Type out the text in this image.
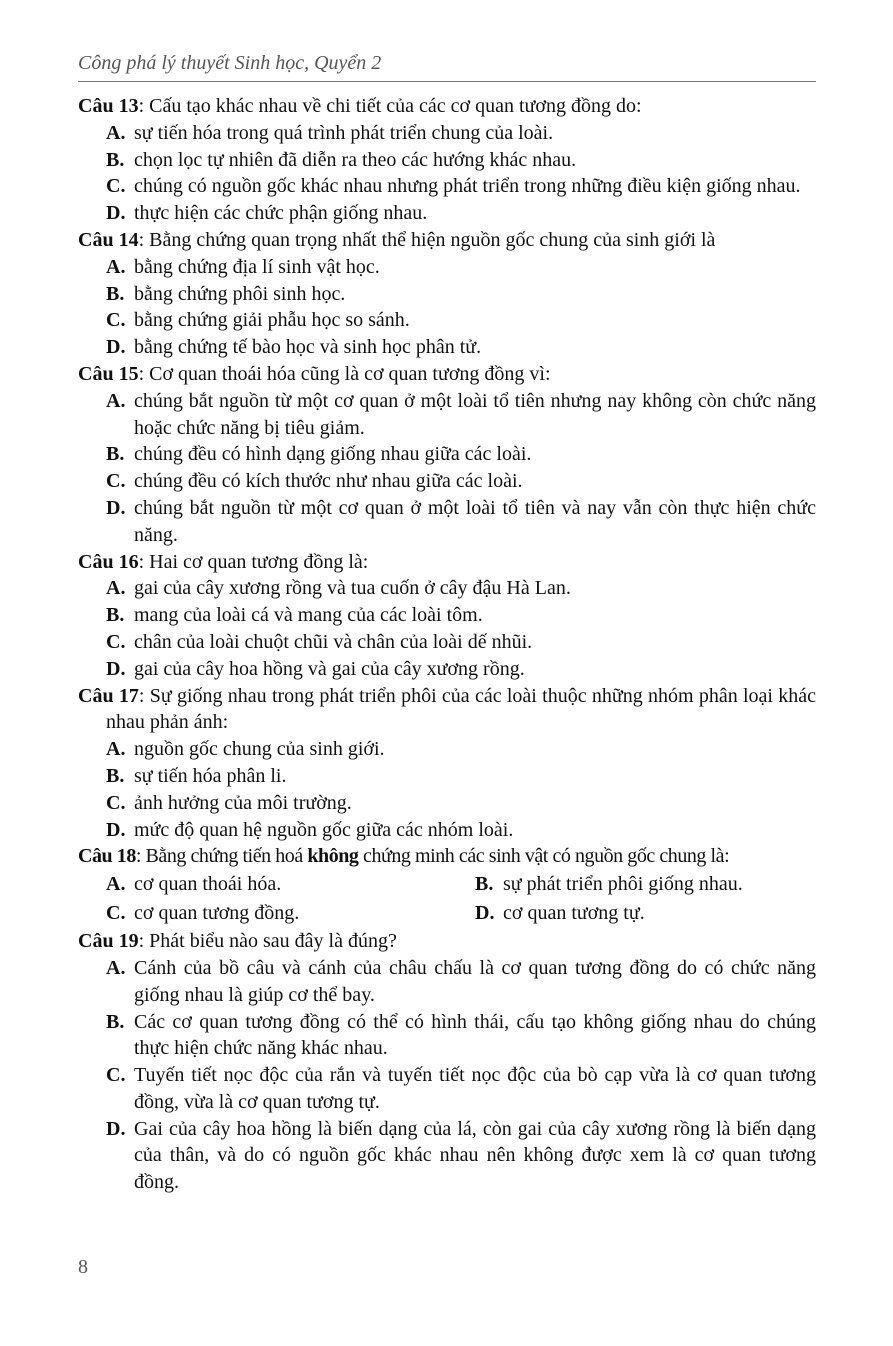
Công phá lý thuyết Sinh học, Quyển 2

Câu 13: Cấu tạo khác nhau về chi tiết của các cơ quan tương đồng do:

A. sự tiến hóa trong quá trình phát triển chung của loài.

B. chọn lọc tự nhiên đã diễn ra theo các hướng khác nhau.

C. chúng có nguồn gốc khác nhau nhưng phát triển trong những điều kiện giống nhau.

D. thực hiện các chức phận giống nhau.

Câu 14: Bằng chứng quan trọng nhất thể hiện nguồn gốc chung của sinh giới là

A. bằng chứng địa lí sinh vật học.

B. bằng chứng phôi sinh học.

C. bằng chứng giải phẫu học so sánh.

D. bằng chứng tế bào học và sinh học phân tử.

Câu 15: Cơ quan thoái hóa cũng là cơ quan tương đồng vì:

A. chúng bắt nguồn từ một cơ quan ở một loài tổ tiên nhưng nay không còn chức năng hoặc chức năng bị tiêu giảm.

B. chúng đều có hình dạng giống nhau giữa các loài.

C. chúng đều có kích thước như nhau giữa các loài.

D. chúng bắt nguồn từ một cơ quan ở một loài tổ tiên và nay vẫn còn thực hiện chức năng.

Câu 16: Hai cơ quan tương đồng là:

A. gai của cây xương rồng và tua cuốn ở cây đậu Hà Lan.

B. mang của loài cá và mang của các loài tôm.

C. chân của loài chuột chũi và chân của loài dế nhũi.

D. gai của cây hoa hồng và gai của cây xương rồng.

Câu 17: Sự giống nhau trong phát triển phôi của các loài thuộc những nhóm phân loại khác nhau phản ánh:

A. nguồn gốc chung của sinh giới.

B. sự tiến hóa phân li.

C. ảnh hưởng của môi trường.

D. mức độ quan hệ nguồn gốc giữa các nhóm loài.

Câu 18: Bằng chứng tiến hoá không chứng minh các sinh vật có nguồn gốc chung là:

A. cơ quan thoái hóa.	B. sự phát triển phôi giống nhau.

C. cơ quan tương đồng.	D. cơ quan tương tự.

Câu 19: Phát biểu nào sau đây là đúng?

A. Cánh của bồ câu và cánh của châu chấu là cơ quan tương đồng do có chức năng giống nhau là giúp cơ thể bay.

B. Các cơ quan tương đồng có thể có hình thái, cấu tạo không giống nhau do chúng thực hiện chức năng khác nhau.

C. Tuyến tiết nọc độc của rắn và tuyến tiết nọc độc của bò cạp vừa là cơ quan tương đồng, vừa là cơ quan tương tự.

D. Gai của cây hoa hồng là biến dạng của lá, còn gai của cây xương rồng là biến dạng của thân, và do có nguồn gốc khác nhau nên không được xem là cơ quan tương đồng.

8
